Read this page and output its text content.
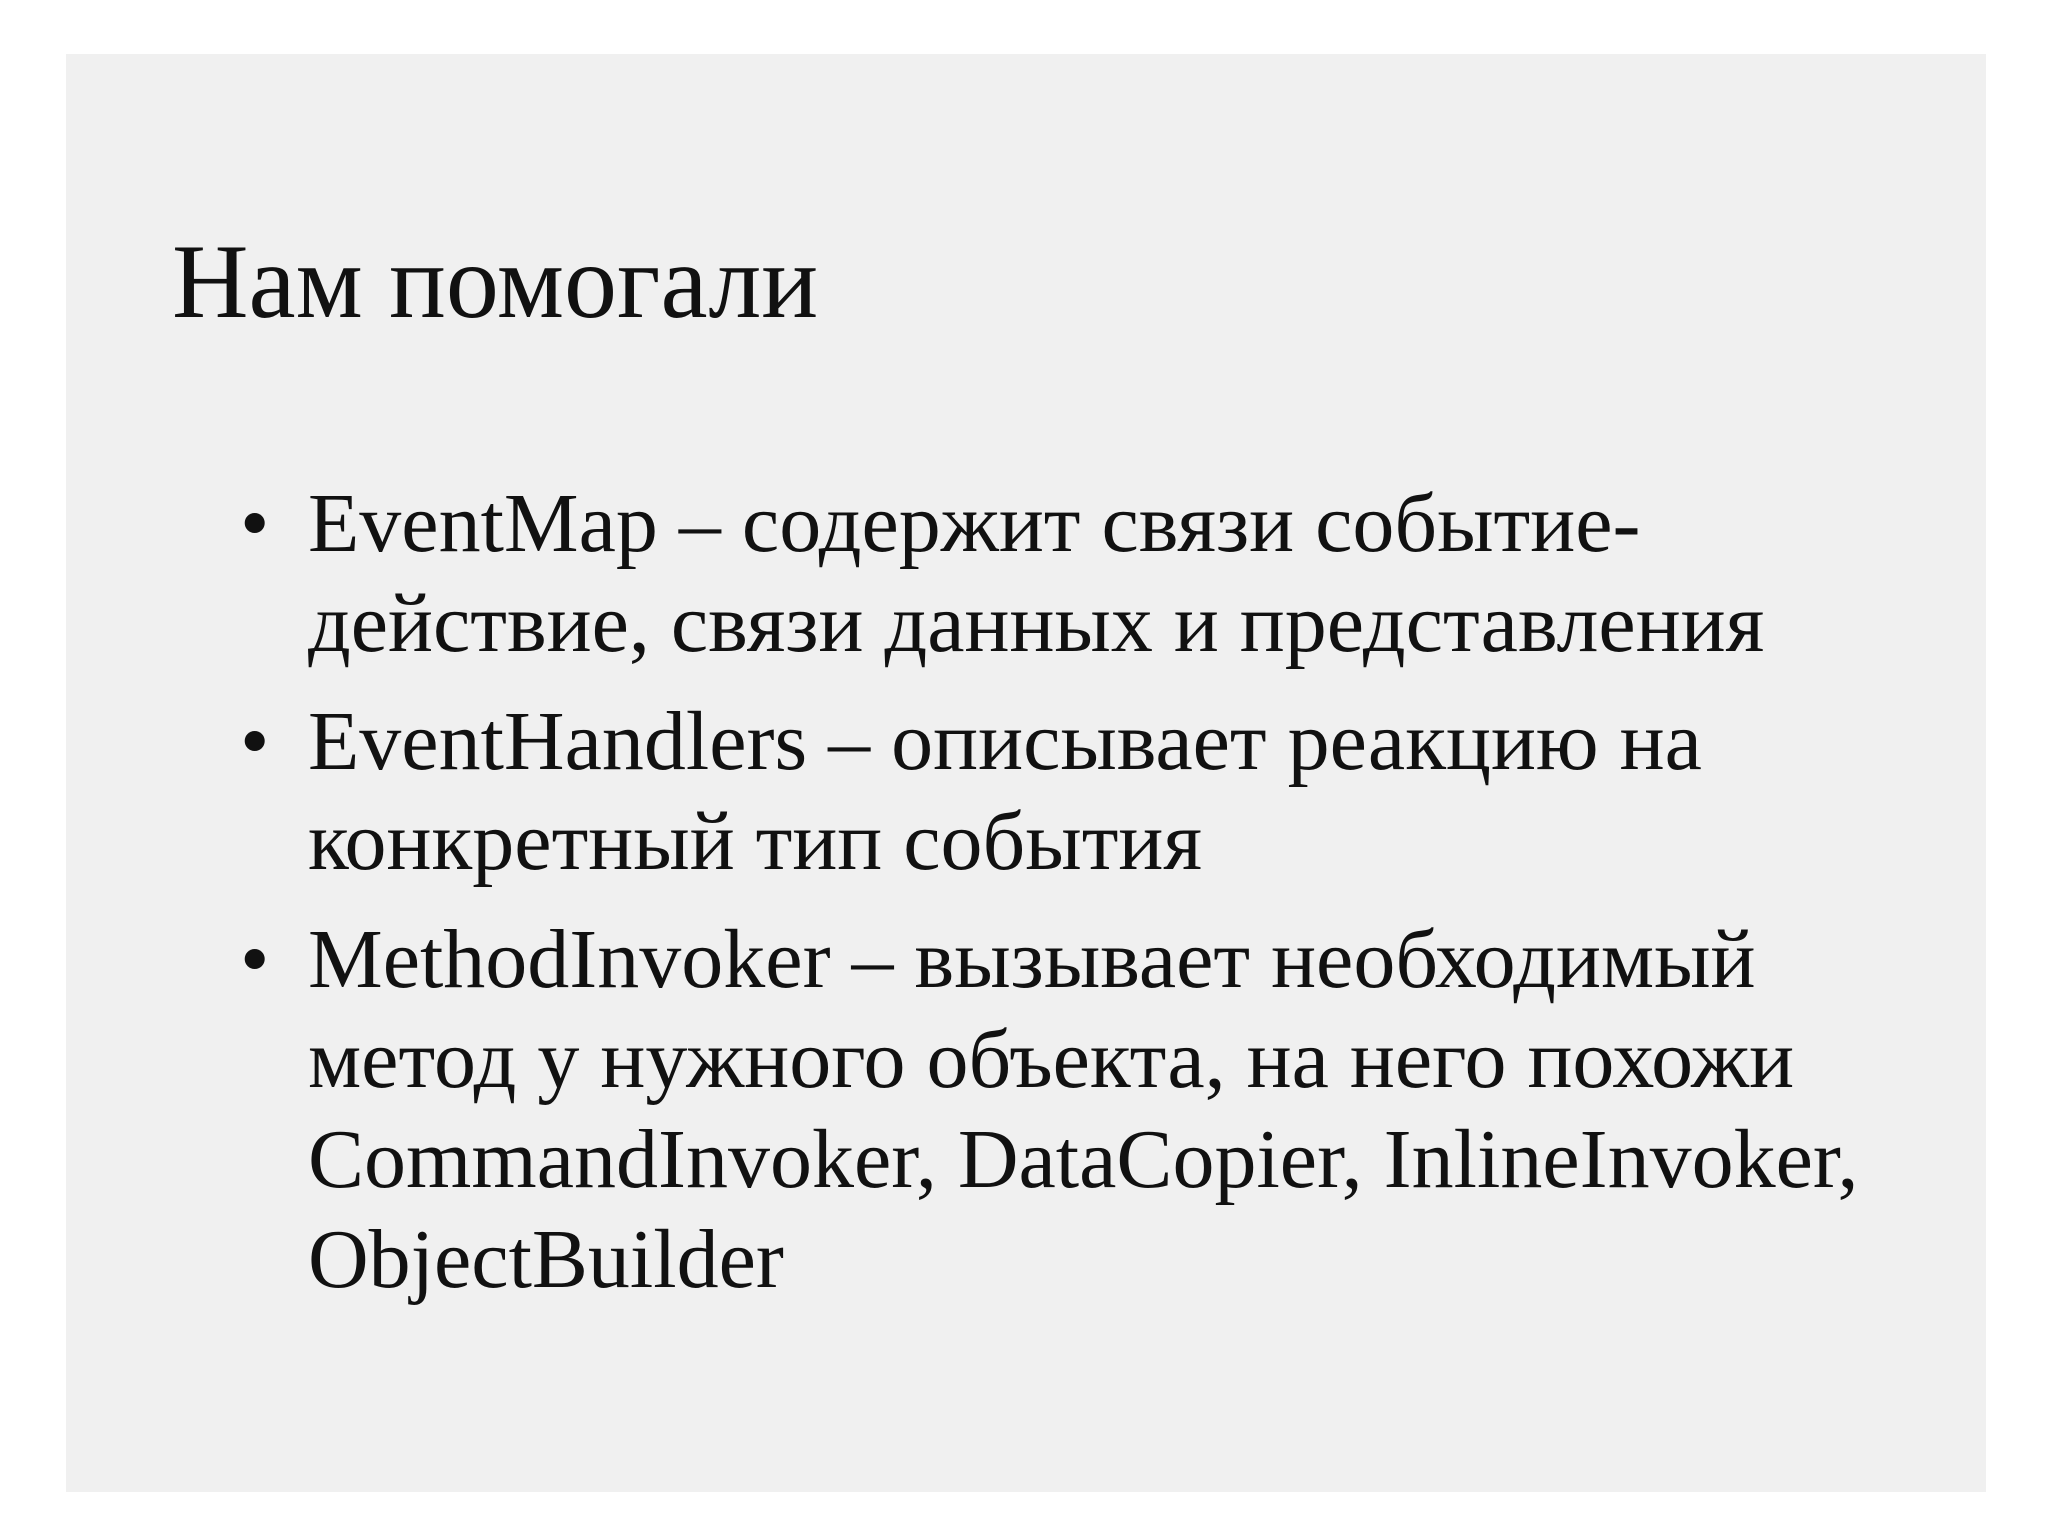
Нам помогали
• EventMap – содержит связи событие-
действие, связи данных и представления
• EventHandlers – описывает реакцию на
конкретный тип события
• MethodInvoker – вызывает необходимый
метод у нужного объекта, на него похожи
CommandInvoker, DataCopier, InlineInvoker,
ObjectBuilder
